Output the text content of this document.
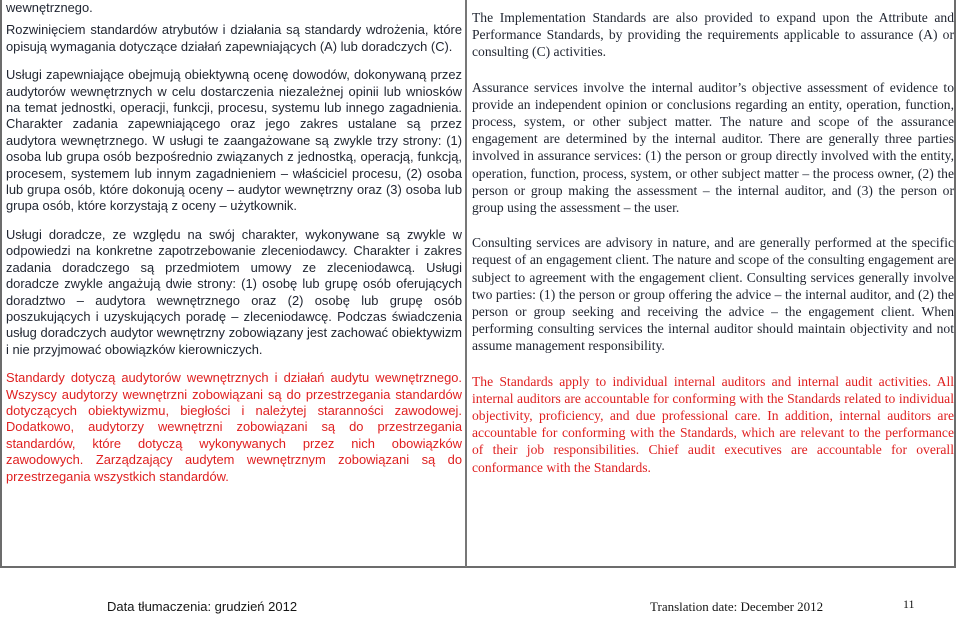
wewnętrznego.

Rozwinięciem standardów atrybutów i działania są standardy wdrożenia, które opisują wymagania dotyczące działań zapewniających (A) lub doradczych (C).

Usługi zapewniające obejmują obiektywną ocenę dowodów, dokonywaną przez audytorów wewnętrznych w celu dostarczenia niezależnej opinii lub wniosków na temat jednostki, operacji, funkcji, procesu, systemu lub innego zagadnienia. Charakter zadania zapewniającego oraz jego zakres ustalane są przez audytora wewnętrznego. W usługi te zaangażowane są zwykle trzy strony: (1) osoba lub grupa osób bezpośrednio związanych z jednostką, operacją, funkcją, procesem, systemem lub innym zagadnieniem – właściciel procesu, (2) osoba lub grupa osób, które dokonują oceny – audytor wewnętrzny oraz (3) osoba lub grupa osób, które korzystają z oceny – użytkownik.

Usługi doradcze, ze względu na swój charakter, wykonywane są zwykle w odpowiedzi na konkretne zapotrzebowanie zleceniodawcy. Charakter i zakres zadania doradczego są przedmiotem umowy ze zleceniodawcą. Usługi doradcze zwykle angażują dwie strony: (1) osobę lub grupę osób oferujących doradztwo – audytora wewnętrznego oraz (2) osobę lub grupę osób poszukujących i uzyskujących poradę – zleceniodawcę. Podczas świadczenia usług doradczych audytor wewnętrzny zobowiązany jest zachować obiektywizm i nie przyjmować obowiązków kierowniczych.

Standardy dotyczą audytorów wewnętrznych i działań audytu wewnętrznego. Wszyscy audytorzy wewnętrzni zobowiązani są do przestrzegania standardów dotyczących obiektywizmu, biegłości i należytej staranności zawodowej. Dodatkowo, audytorzy wewnętrzni zobowiązani są do przestrzegania standardów, które dotyczą wykonywanych przez nich obowiązków zawodowych. Zarządzający audytem wewnętrznym zobowiązani są do przestrzegania wszystkich standardów.

The Implementation Standards are also provided to expand upon the Attribute and Performance Standards, by providing the requirements applicable to assurance (A) or consulting (C) activities.

Assurance services involve the internal auditor’s objective assessment of evidence to provide an independent opinion or conclusions regarding an entity, operation, function, process, system, or other subject matter. The nature and scope of the assurance engagement are determined by the internal auditor. There are generally three parties involved in assurance services: (1) the person or group directly involved with the entity, operation, function, process, system, or other subject matter – the process owner, (2) the person or group making the assessment – the internal auditor, and (3) the person or group using the assessment – the user.

Consulting services are advisory in nature, and are generally performed at the specific request of an engagement client. The nature and scope of the consulting engagement are subject to agreement with the engagement client. Consulting services generally involve two parties: (1) the person or group offering the advice – the internal auditor, and (2) the person or group seeking and receiving the advice – the engagement client. When performing consulting services the internal auditor should maintain objectivity and not assume management responsibility.

The Standards apply to individual internal auditors and internal audit activities. All internal auditors are accountable for conforming with the Standards related to individual objectivity, proficiency, and due professional care. In addition, internal auditors are accountable for conforming with the Standards, which are relevant to the performance of their job responsibilities. Chief audit executives are accountable for overall conformance with the Standards.

Data tłumaczenia: grudzień 2012	Translation date: December 2012	11
